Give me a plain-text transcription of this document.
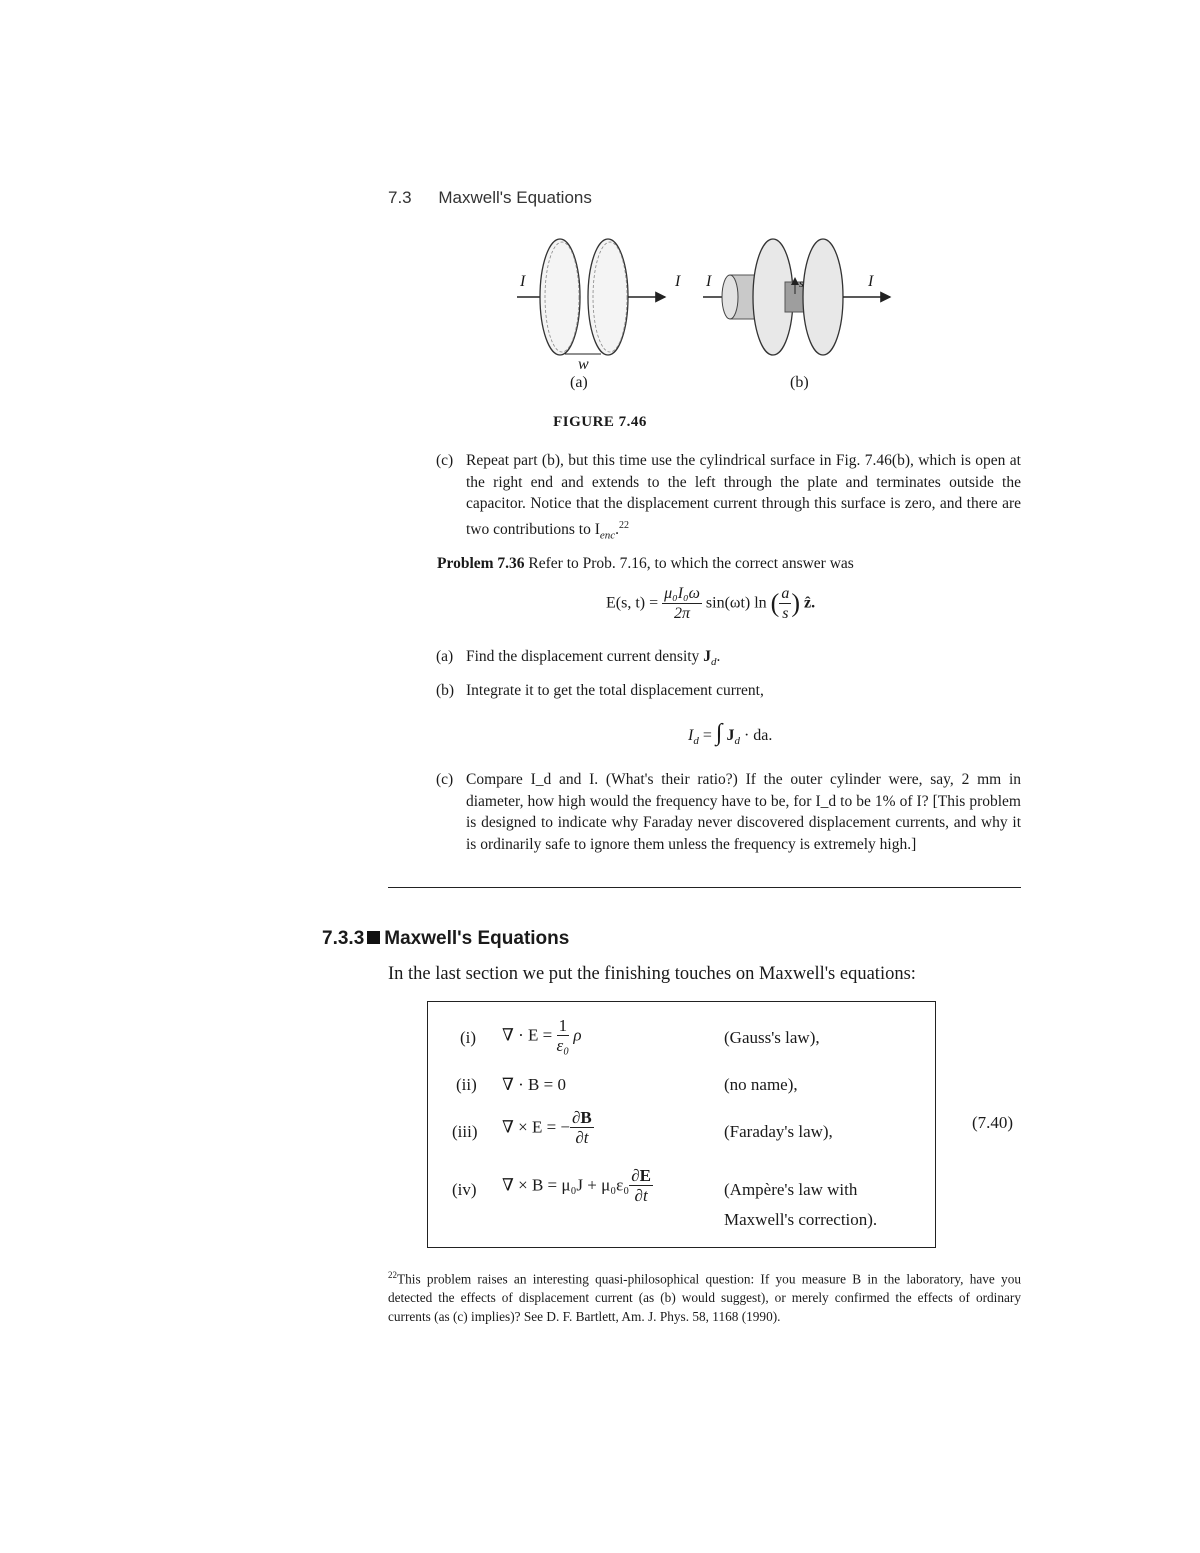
7.3 Maxwell's Equations
I	I I	I
s
w
(a)	(b)
FIGURE 7.46
(c) Repeat part (b), but this time use the cylindrical surface in Fig. 7.46(b), which is open at the right end and extends to the left through the plate and terminates outside the capacitor. Notice that the displacement current through this surface is zero, and there are two contributions to $I_{enc}.^{22}$
Problem 7.36 Refer to Prob. 7.16, to which the correct answer was
E(s, $t) = \frac{\text{μ₀I₀ω}}{2\pi} \sin(\omega t)$ ln ( $\frac{a}{s}$ ) ẑ.
(a) Find the displacement current density $J_d$.
(b) Integrate it to get the total displacement current,
$I_d$ = ∫ $J_d$ · da.
(c) Compare I_d and I. (What's their ratio?) If the outer cylinder were, say, 2 mm in diameter, how high would the frequency have to be, for I_d to be 1% of I? [This problem is designed to indicate why Faraday never discovered displacement currents, and why it is ordinarily safe to ignore them unless the frequency is extremely high.]
7.3.3 Maxwell's Equations
In the last section we put the finishing touches on Maxwell's equations:
(i) ∇ · $E = \frac{1}{\text{ε₀}}$ ρ	(Gauss's law),
(ii) ∇ · B = 0	(no name),
(iii) ∇ × E = − $\frac{\partial B}{\partial t}$	(Faraday's law),
(iv) ∇ × $B = \mu_0J + \mu_0\varepsilon_0 \frac{\partial E}{\partial t}$	(Ampère's law with
Maxwell's correction).
(7.40)
$^{22}$This problem raises an interesting quasi-philosophical question: If you measure B in the laboratory, have you detected the effects of displacement current (as (b) would suggest), or merely confirmed the effects of ordinary currents (as (c) implies)? See D. F. Bartlett, Am. J. Phys. 58, 1168 (1990).
